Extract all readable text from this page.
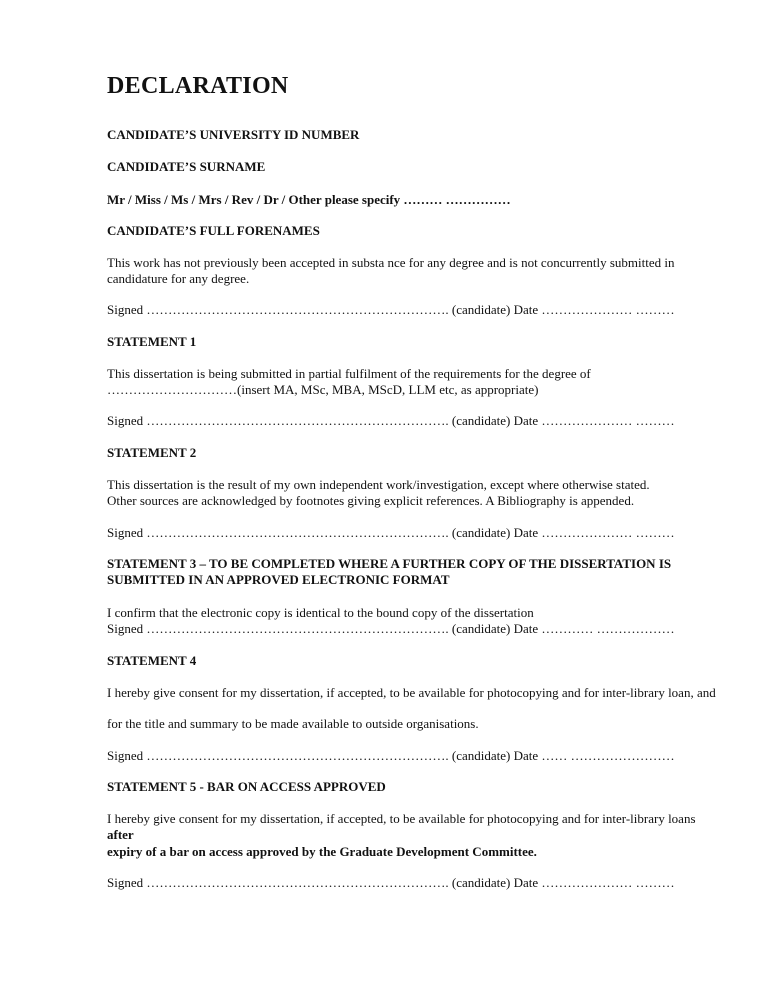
DECLARATION

CANDIDATE’S UNIVERSITY ID NUMBER

CANDIDATE’S SURNAME

Mr / Miss / Ms / Mrs / Rev / Dr / Other please specify ……… ……………

CANDIDATE’S FULL FORENAMES

This work has not previously been accepted in substa nce for any degree and is not concurrently submitted in candidature for any degree.

Signed ……………………………………………………………. (candidate) Date ………………… ………

STATEMENT 1

This dissertation is being submitted in partial fulfilment of the requirements for the degree of

…………………………(insert MA, MSc, MBA, MScD, LLM etc, as appropriate)

Signed ……………………………………………………………. (candidate) Date ………………… ………

STATEMENT 2

This dissertation is the result of my own independent work/investigation, except where otherwise stated.

Other sources are acknowledged by footnotes giving explicit references. A Bibliography is appended.

Signed ……………………………………………………………. (candidate) Date ………………… ………

STATEMENT 3 – TO BE COMPLETED WHERE A FURTHER COPY OF THE DISSERTATION IS

SUBMITTED IN AN APPROVED ELECTRONIC FORMAT

I confirm that the electronic copy is identical to the bound copy of the dissertation

Signed ……………………………………………………………. (candidate) Date ………… ………………

STATEMENT 4

I hereby give consent for my dissertation, if accepted, to be available for photocopying and for inter-library loan, and

for the title and summary to be made available to outside organisations.

Signed ……………………………………………………………. (candidate) Date …… ……………………

STATEMENT 5 - BAR ON ACCESS APPROVED

I hereby give consent for my dissertation, if accepted, to be available for photocopying and for inter-library loans after

expiry of a bar on access approved by the Graduate Development Committee.

Signed ……………………………………………………………. (candidate) Date ………………… ………
